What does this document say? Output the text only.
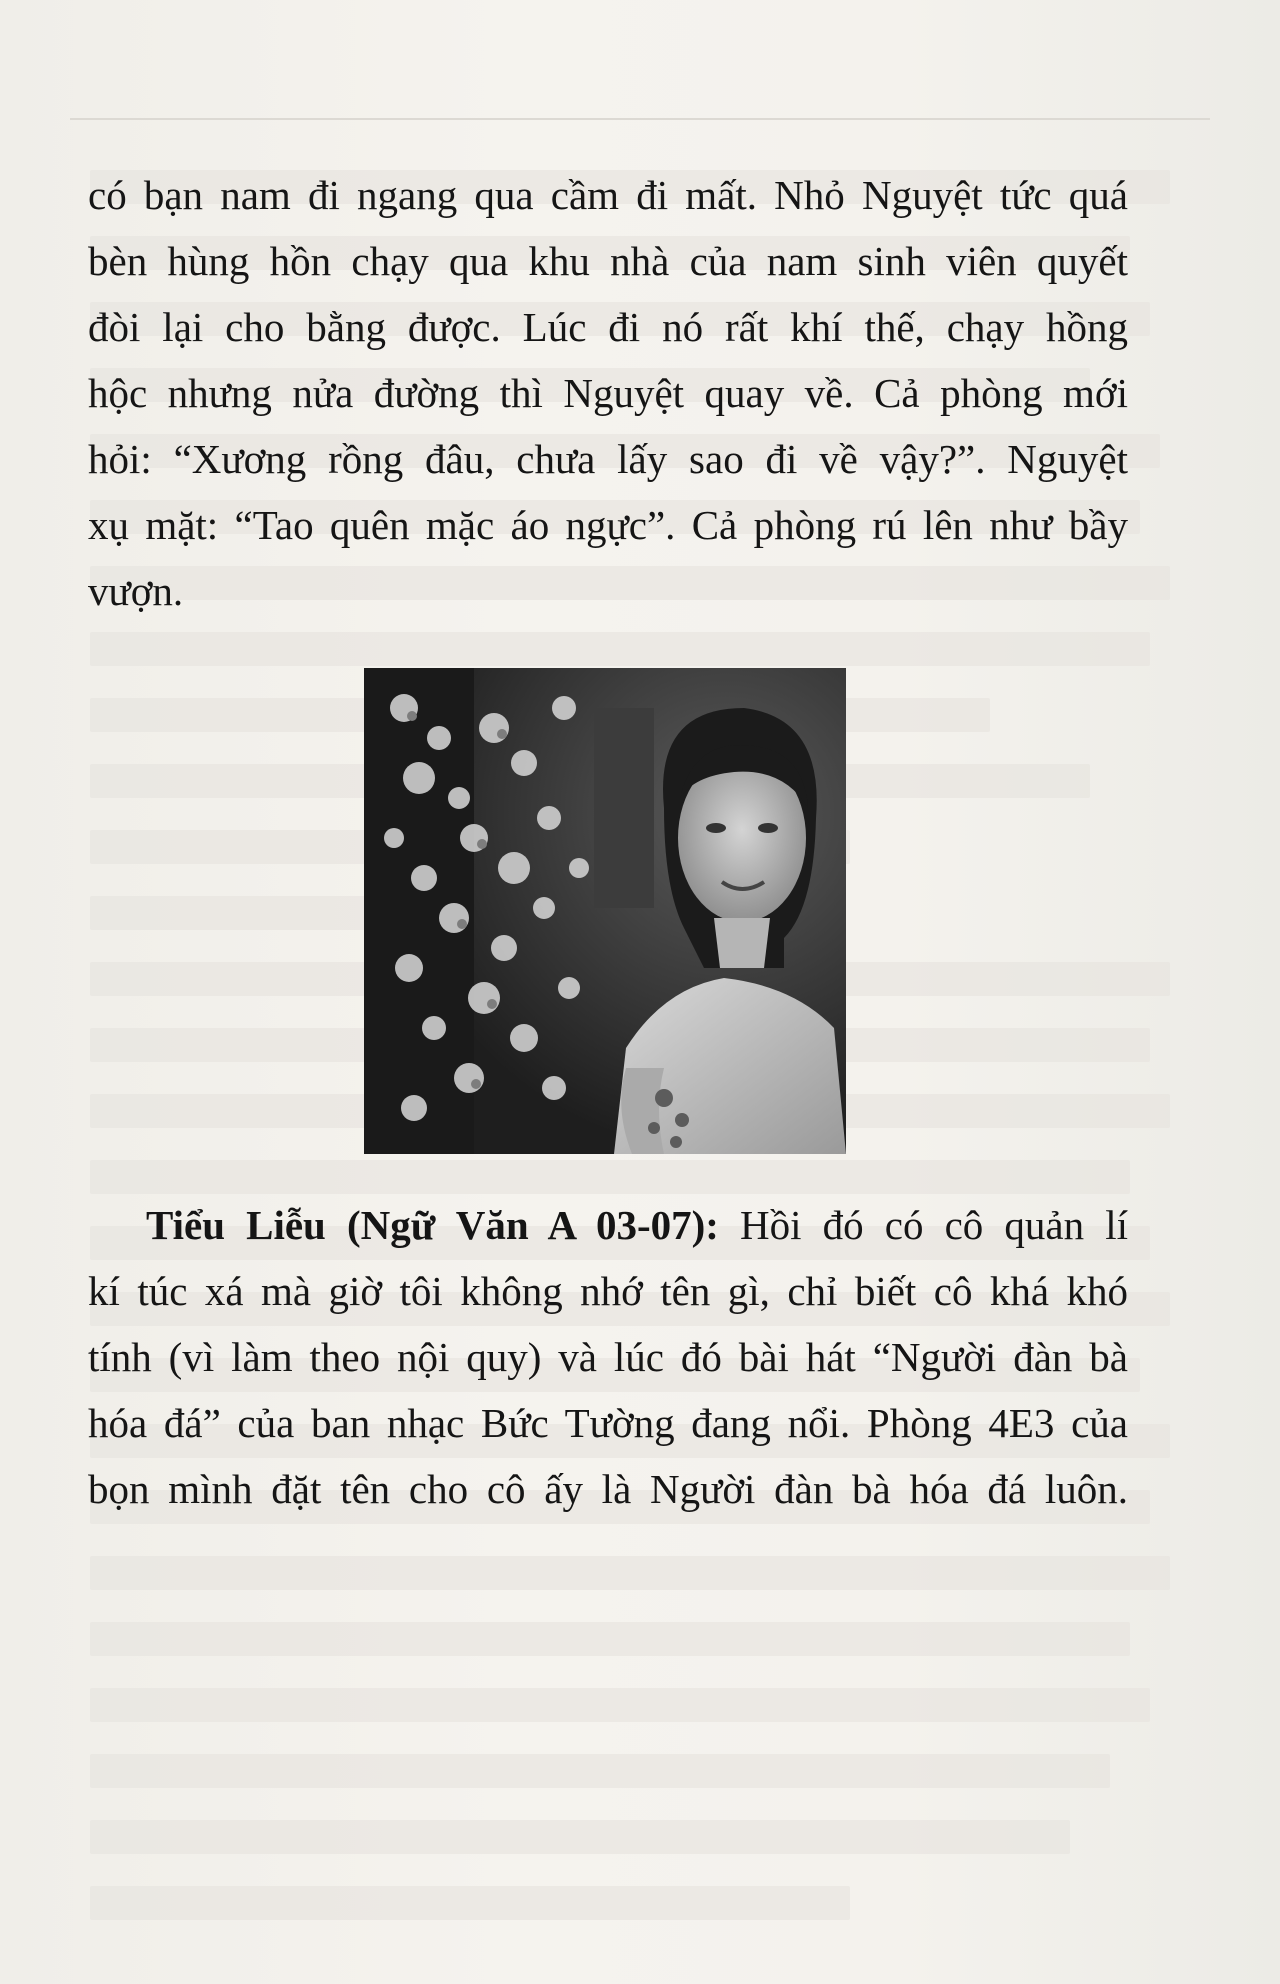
có bạn nam đi ngang qua cầm đi mất. Nhỏ Nguyệt tức quá
bèn hùng hồn chạy qua khu nhà của nam sinh viên quyết
đòi lại cho bằng được. Lúc đi nó rất khí thế, chạy hồng
hộc nhưng nửa đường thì Nguyệt quay về. Cả phòng mới
hỏi: “Xương rồng đâu, chưa lấy sao đi về vậy?”. Nguyệt
xụ mặt: “Tao quên mặc áo ngực”. Cả phòng rú lên như bầy
vượn.
Tiểu Liễu (Ngữ Văn A 03-07): Hồi đó có cô quản lí
kí túc xá mà giờ tôi không nhớ tên gì, chỉ biết cô khá khó
tính (vì làm theo nội quy) và lúc đó bài hát “Người đàn bà
hóa đá” của ban nhạc Bức Tường đang nổi. Phòng 4E3 của
bọn mình đặt tên cho cô ấy là Người đàn bà hóa đá luôn.
